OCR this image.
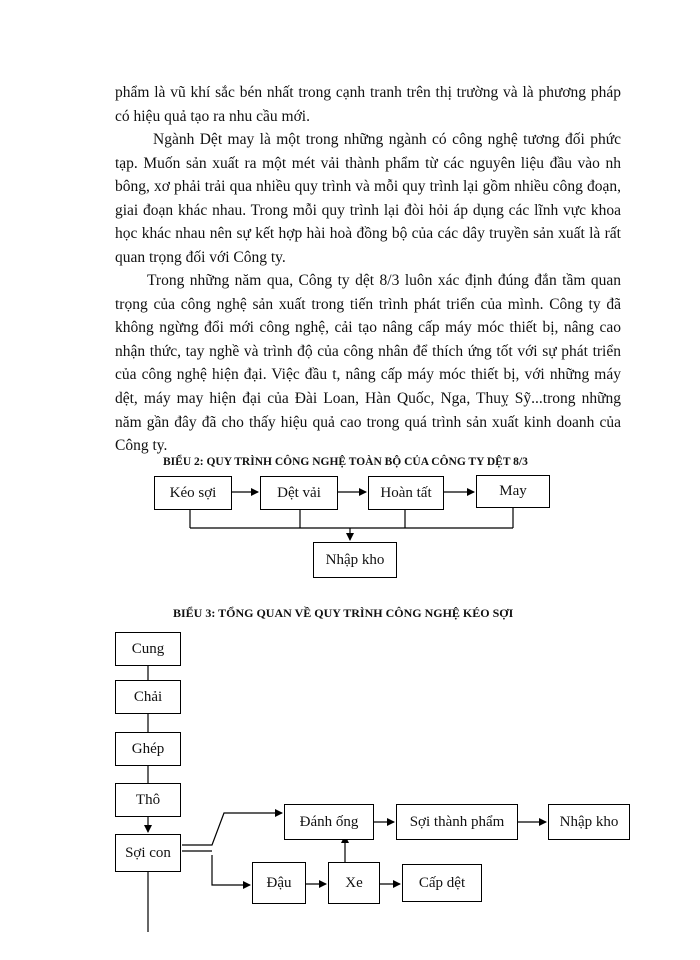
phẩm là vũ khí sắc bén nhất trong cạnh tranh trên thị trường và là phương pháp có hiệu quả tạo ra nhu cầu mới.

Ngành Dệt may là một trong những ngành có công nghệ tương đối phức tạp. Muốn sản xuất ra một mét vải thành phẩm từ các nguyên liệu đầu vào nh bông, xơ phải trải qua nhiều quy trình và mỗi quy trình lại gồm nhiều công đoạn, giai đoạn khác nhau. Trong mỗi quy trình lại đòi hỏi áp dụng các lĩnh vực khoa học khác nhau nên sự kết hợp hài hoà đồng bộ của các dây truyền sản xuất là rất quan trọng đối với Công ty.

Trong những năm qua, Công ty dệt 8/3 luôn xác định đúng đắn tầm quan trọng của công nghệ sản xuất trong tiến trình phát triển của mình. Công ty đã không ngừng đổi mới công nghệ, cải tạo nâng cấp máy móc thiết bị, nâng cao nhận thức, tay nghề và trình độ của công nhân để thích ứng tốt với sự phát triển của công nghệ hiện đại. Việc đầu t, nâng cấp máy móc thiết bị, với những máy dệt, máy may hiện đại của Đài Loan, Hàn Quốc, Nga, Thuỵ Sỹ...trong những năm gần đây đã cho thấy hiệu quả cao trong quá trình sản xuất kinh doanh của Công ty.

BIỂU 2: QUY TRÌNH CÔNG NGHỆ TOÀN BỘ CỦA CÔNG TY DỆT 8/3
Kéo sợi	Dệt vải	Hoàn tất	May
Nhập kho
BIỂU 3: TỔNG QUAN VỀ QUY TRÌNH CÔNG NGHỆ KÉO SỢI
Cung
Chải
Ghép
Thô
Sợi con
Đánh ống	Sợi thành phẩm	Nhập kho
Đậu	Xe	Cấp dệt
